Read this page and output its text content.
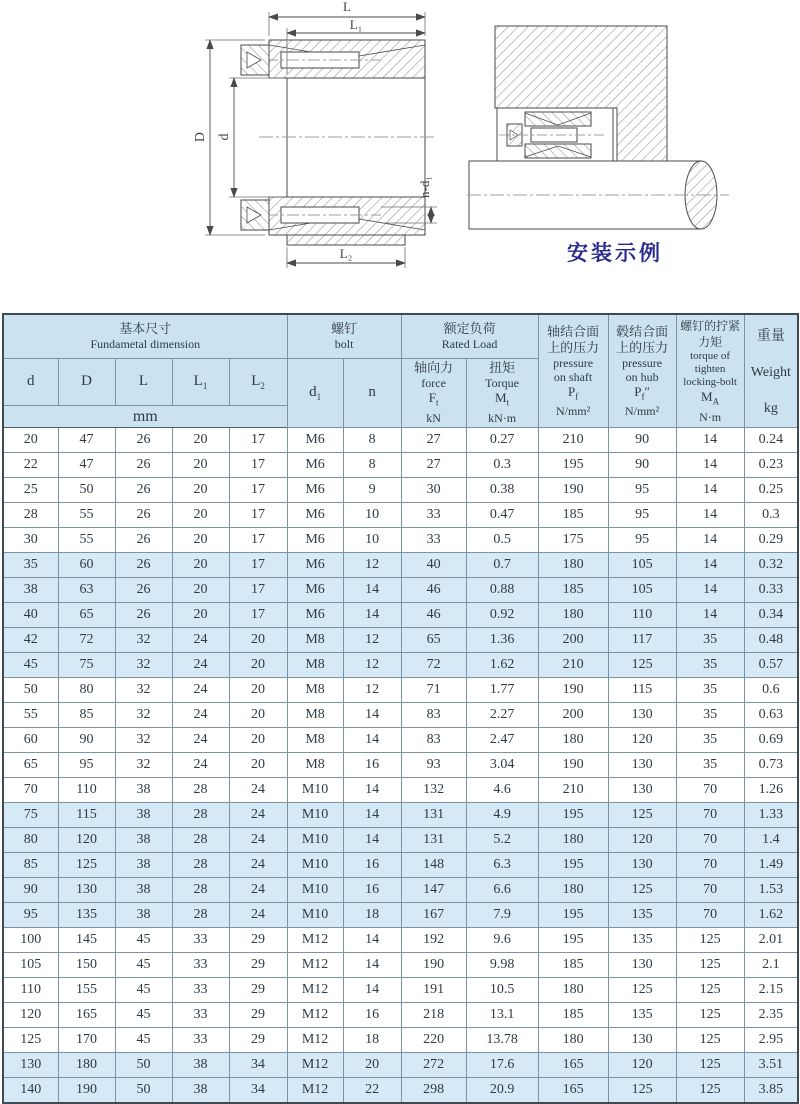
L
L₁
D d
n-d₁
L₂	安装示例
基本尺寸
Fundametal dimension

螺钉
bolt

额定负荷
Rated Load

轴结合面
上的压力
pressure
on shaft
$P_f$
N/mm²

毂结合面
上的压力
pressure
on hub
$P_f''$
N/mm²

螺钉的拧紧
力矩
torque of
tighten
locking-bolt
$M_A$
N·m

重量
Weight
kg

d	D	L	$L_1$	$L_2$	$d_1$	n	
轴向力
force
$F_t$
kN

扭矩
Torque
$M_t$
kN·m

mm												
20	47	26	20	17	M6	8	27	0.27	210	90	14	0.24
22	47	26	20	17	M6	8	27	0.3	195	90	14	0.23
25	50	26	20	17	M6	9	30	0.38	190	95	14	0.25
28	55	26	20	17	M6	10	33	0.47	185	95	14	0.3
30	55	26	20	17	M6	10	33	0.5	175	95	14	0.29
35	60	26	20	17	M6	12	40	0.7	180	105	14	0.32
38	63	26	20	17	M6	14	46	0.88	185	105	14	0.33
40	65	26	20	17	M6	14	46	0.92	180	110	14	0.34
42	72	32	24	20	M8	12	65	1.36	200	117	35	0.48
45	75	32	24	20	M8	12	72	1.62	210	125	35	0.57
50	80	32	24	20	M8	12	71	1.77	190	115	35	0.6
55	85	32	24	20	M8	14	83	2.27	200	130	35	0.63
60	90	32	24	20	M8	14	83	2.47	180	120	35	0.69
65	95	32	24	20	M8	16	93	3.04	190	130	35	0.73
70	110	38	28	24	M10	14	132	4.6	210	130	70	1.26
75	115	38	28	24	M10	14	131	4.9	195	125	70	1.33
80	120	38	28	24	M10	14	131	5.2	180	120	70	1.4
85	125	38	28	24	M10	16	148	6.3	195	130	70	1.49
90	130	38	28	24	M10	16	147	6.6	180	125	70	1.53
95	135	38	28	24	M10	18	167	7.9	195	135	70	1.62
100	145	45	33	29	M12	14	192	9.6	195	135	125	2.01
105	150	45	33	29	M12	14	190	9.98	185	130	125	2.1
110	155	45	33	29	M12	14	191	10.5	180	125	125	2.15
120	165	45	33	29	M12	16	218	13.1	185	135	125	2.35
125	170	45	33	29	M12	18	220	13.78	180	130	125	2.95
130	180	50	38	34	M12	20	272	17.6	165	120	125	3.51
140	190	50	38	34	M12	22	298	20.9	165	125	125	3.85
